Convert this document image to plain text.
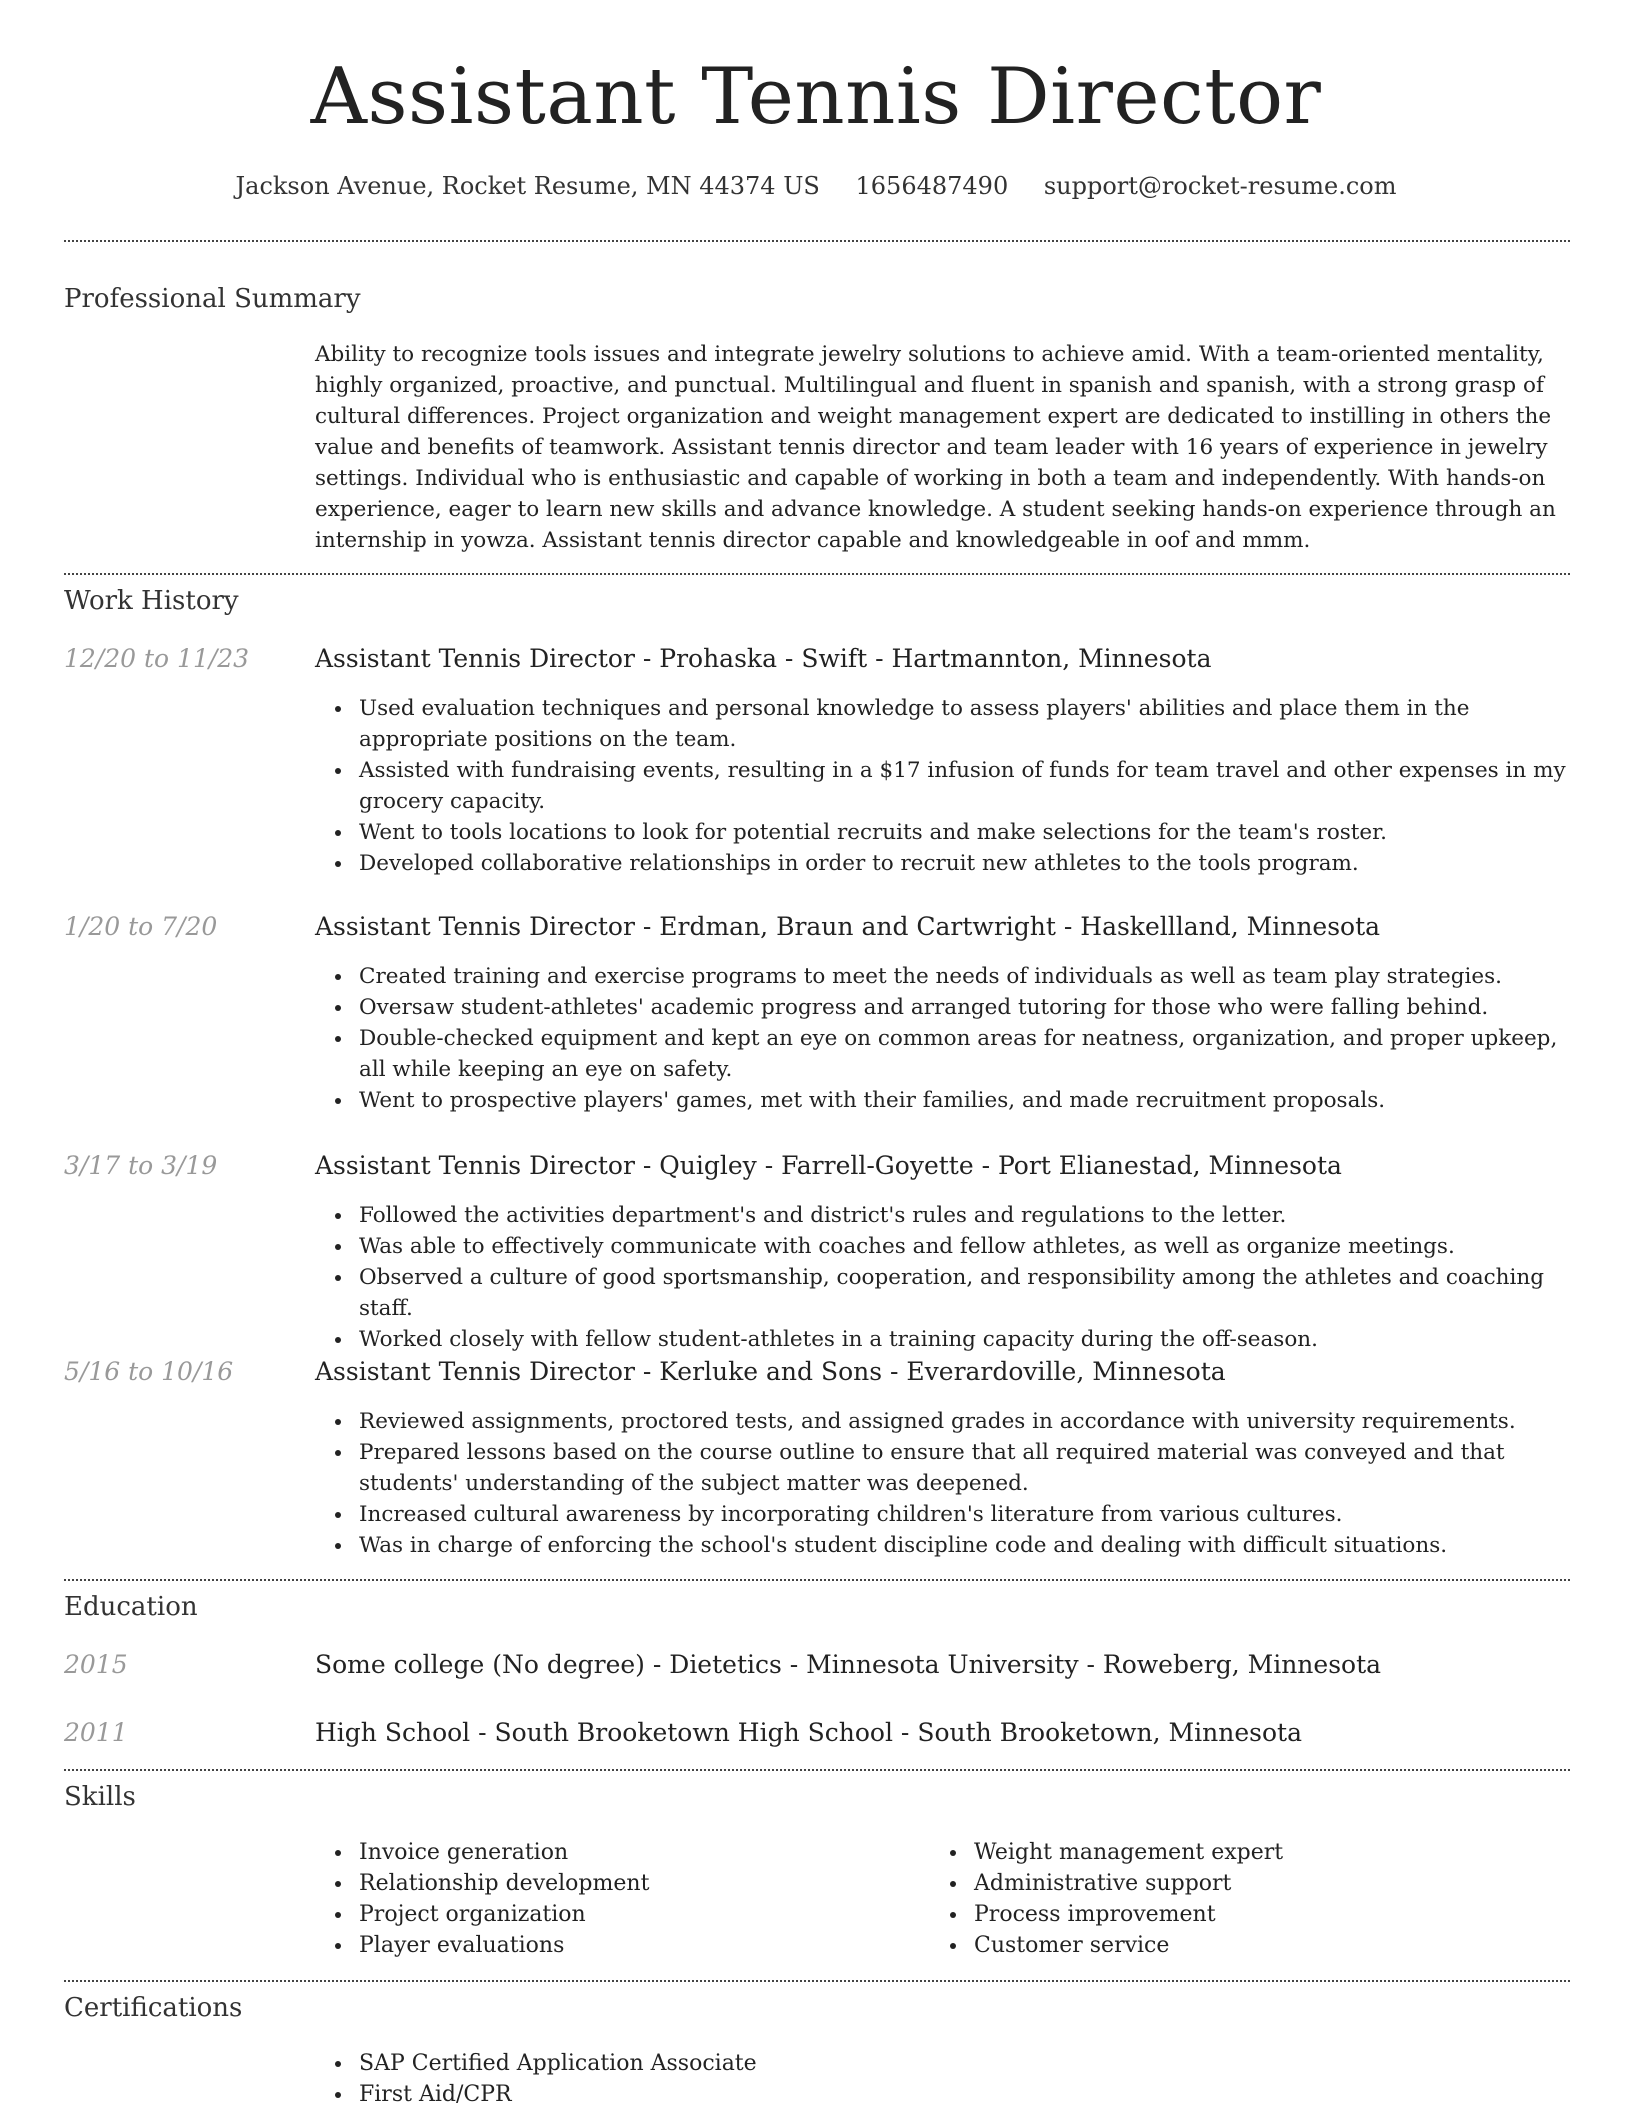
Assistant Tennis Director
Jackson Avenue, Rocket Resume, MN 44374 US 1656487490 support@rocket-resume.com
Professional Summary

Ability to recognize tools issues and integrate jewelry solutions to achieve amid. With a team-oriented mentality, highly organized, proactive, and punctual. Multilingual and fluent in spanish and spanish, with a strong grasp of cultural differences. Project organization and weight management expert are dedicated to instilling in others the value and benefits of teamwork. Assistant tennis director and team leader with 16 years of experience in jewelry settings. Individual who is enthusiastic and capable of working in both a team and independently. With hands-on experience, eager to learn new skills and advance knowledge. A student seeking hands-on experience through an internship in yowza. Assistant tennis director capable and knowledgeable in oof and mmm.

Work History
12/20 to 11/23	Assistant Tennis Director - Prohaska - Swift - Hartmannton, Minnesota
Used evaluation techniques and personal knowledge to assess players' abilities and place them in the appropriate positions on the team.
Assisted with fundraising events, resulting in a $17 infusion of funds for team travel and other expenses in my grocery capacity.
Went to tools locations to look for potential recruits and make selections for the team's roster.
Developed collaborative relationships in order to recruit new athletes to the tools program.
1/20 to 7/20	Assistant Tennis Director - Erdman, Braun and Cartwright - Haskellland, Minnesota
Created training and exercise programs to meet the needs of individuals as well as team play strategies.
Oversaw student-athletes' academic progress and arranged tutoring for those who were falling behind.
Double-checked equipment and kept an eye on common areas for neatness, organization, and proper upkeep, all while keeping an eye on safety.
Went to prospective players' games, met with their families, and made recruitment proposals.
3/17 to 3/19	Assistant Tennis Director - Quigley - Farrell-Goyette - Port Elianestad, Minnesota
Followed the activities department's and district's rules and regulations to the letter.
Was able to effectively communicate with coaches and fellow athletes, as well as organize meetings.
Observed a culture of good sportsmanship, cooperation, and responsibility among the athletes and coaching staff.
Worked closely with fellow student-athletes in a training capacity during the off-season.
5/16 to 10/16	Assistant Tennis Director - Kerluke and Sons - Everardoville, Minnesota
Reviewed assignments, proctored tests, and assigned grades in accordance with university requirements.
Prepared lessons based on the course outline to ensure that all required material was conveyed and that students' understanding of the subject matter was deepened.
Increased cultural awareness by incorporating children's literature from various cultures.
Was in charge of enforcing the school's student discipline code and dealing with difficult situations.
Education
2015	Some college (No degree) - Dietetics - Minnesota University - Roweberg, Minnesota
2011	High School - South Brooketown High School - South Brooketown, Minnesota
Skills
Invoice generation
Relationship development
Project organization
Player evaluations
Weight management expert
Administrative support
Process improvement
Customer service
Certifications
SAP Certified Application Associate
First Aid/CPR
